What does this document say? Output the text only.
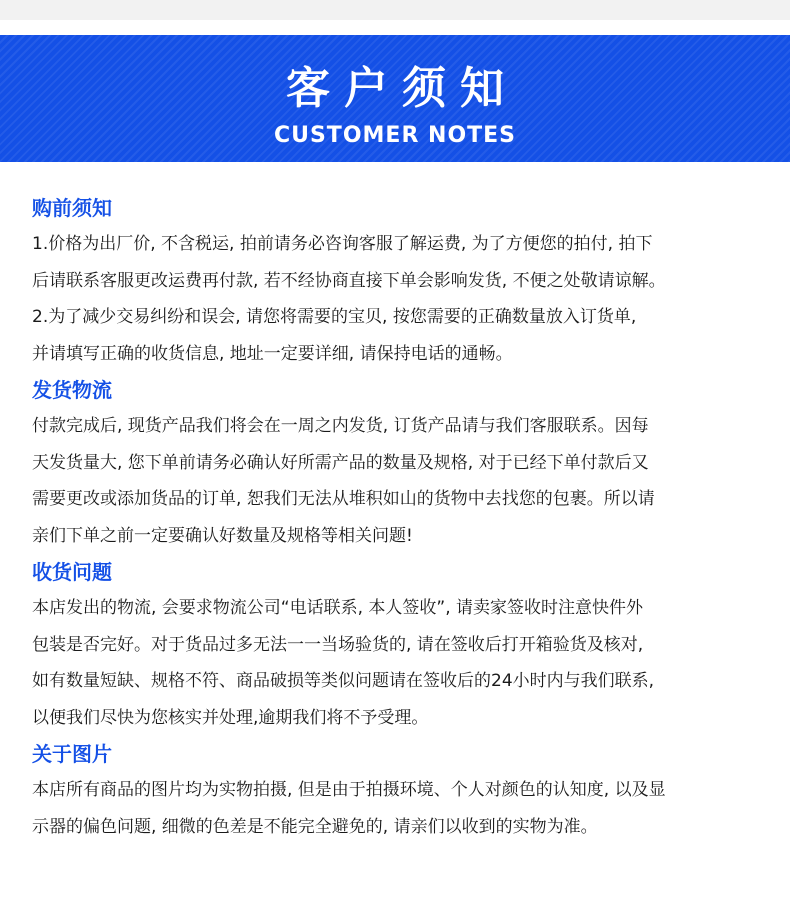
客户须知
CUSTOMER NOTES
购前须知

1.价格为出厂价, 不含税运, 拍前请务必咨询客服了解运费, 为了方便您的拍付, 拍下

后请联系客服更改运费再付款, 若不经协商直接下单会影响发货, 不便之处敬请谅解。

2.为了减少交易纠纷和误会, 请您将需要的宝贝, 按您需要的正确数量放入订货单,

并请填写正确的收货信息, 地址一定要详细, 请保持电话的通畅。

发货物流

付款完成后, 现货产品我们将会在一周之内发货, 订货产品请与我们客服联系。因每

天发货量大, 您下单前请务必确认好所需产品的数量及规格, 对于已经下单付款后又

需要更改或添加货品的订单, 恕我们无法从堆积如山的货物中去找您的包裹。所以请

亲们下单之前一定要确认好数量及规格等相关问题!

收货问题

本店发出的物流, 会要求物流公司“电话联系, 本人签收”, 请卖家签收时注意快件外

包装是否完好。对于货品过多无法一一当场验货的, 请在签收后打开箱验货及核对,

如有数量短缺、规格不符、商品破损等类似问题请在签收后的24小时内与我们联系,

以便我们尽快为您核实并处理,逾期我们将不予受理。

关于图片

本店所有商品的图片均为实物拍摄, 但是由于拍摄环境、个人对颜色的认知度, 以及显

示器的偏色问题, 细微的色差是不能完全避免的, 请亲们以收到的实物为准。
